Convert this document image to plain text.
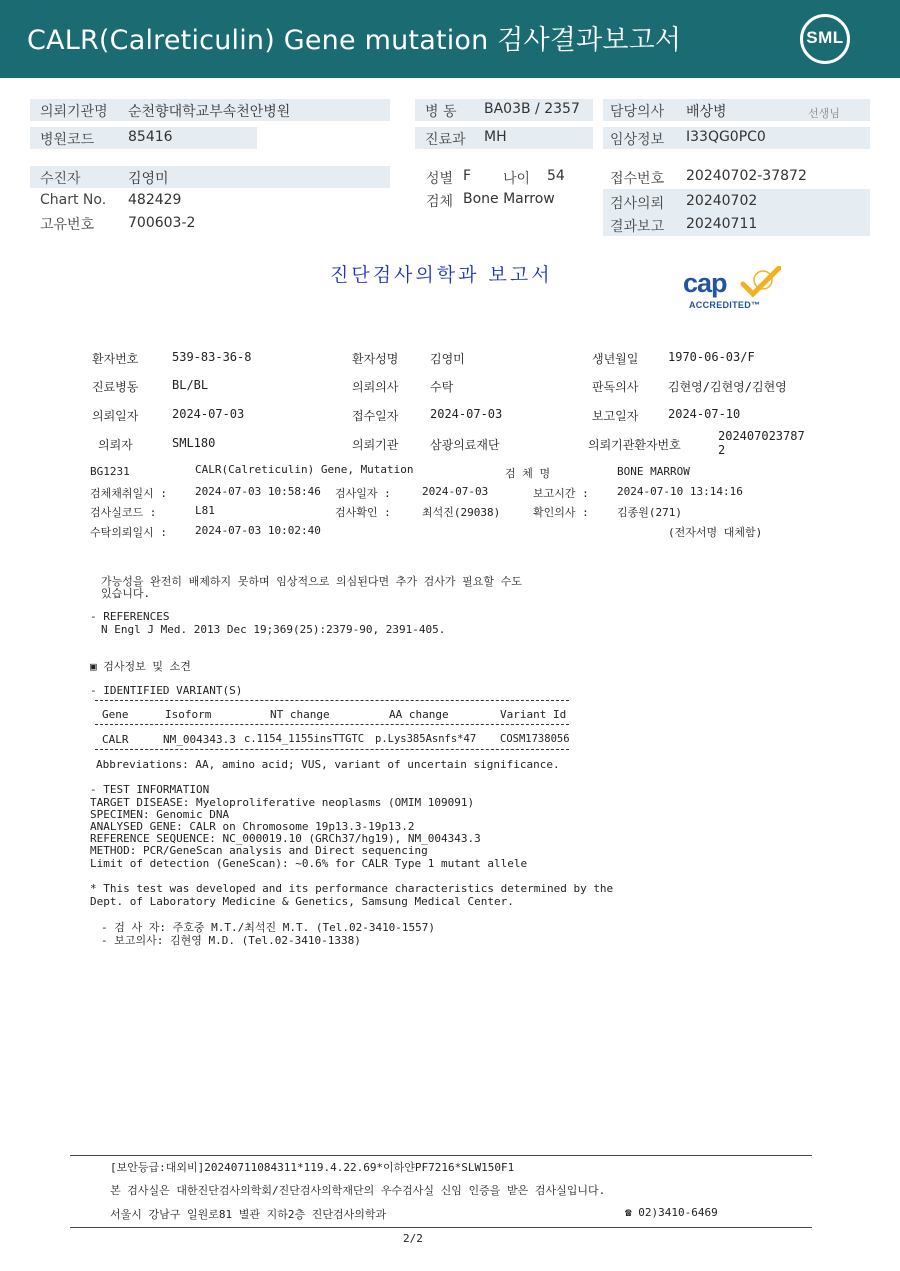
CALR(Calreticulin) Gene mutation 검사결과보고서	SML
의뢰기관명 순천향대학교부속천안병원
병원코드 85416
병 동 BA03B / 2357
진료과 MH
담당의사 배상병	선생님
임상정보 I33QG0PC0
수진자	김영미
Chart No. 482429
고유번호 700603-2
성별 F 나이 54
검체 Bone Marrow
접수번호 20240702-37872
검사의뢰 20240702
결과보고 20240711
진단검사의학과 보고서	cap
ACCREDITED™
환자번호	539-83-36-8	환자성명	김영미	생년월일 1970-06-03/F
진료병동	BL/BL	의뢰의사	수탁	판독의사 김현영/김현영/김현영
의뢰일자	2024-07-03	접수일자	2024-07-03	보고일자 2024-07-10
의뢰자	SML180	의뢰기관	삼광의료재단	의뢰기관환자번호
202407023787
2
BG1231	CALR(Calreticulin) Gene, Mutation	검 체 명	BONE MARROW
검체채취일시 :	2024-07-03 10:58:46 검사일자 :	2024-07-03	보고시간 :	2024-07-10 13:14:16
검사실코드 :	L81	검사확인 :	최석진(29038)	확인의사 :	김종원(271)
수탁의뢰일시 :	2024-07-03 10:02:40	(전자서명 대체함)
가능성을 완전히 배제하지 못하며 임상적으로 의심된다면 추가 검사가 필요할 수도
있습니다.
- REFERENCES
N Engl J Med. 2013 Dec 19;369(25):2379-90, 2391-405.
▣ 검사정보 및 소견
- IDENTIFIED VARIANT(S)
Gene	Isoform	NT change	AA change	Variant Id
CALR	NM_004343.3 c.1154_1155insTTGTC p.Lys385Asnfs*47 COSM1738056
Abbreviations: AA, amino acid; VUS, variant of uncertain significance.
- TEST INFORMATION
TARGET DISEASE: Myeloproliferative neoplasms (OMIM 109091)
SPECIMEN: Genomic DNA
ANALYSED GENE: CALR on Chromosome 19p13.3-19p13.2
REFERENCE SEQUENCE: NC_000019.10 (GRCh37/hg19), NM_004343.3
METHOD: PCR/GeneScan analysis and Direct sequencing
Limit of detection (GeneScan): ~0.6% for CALR Type 1 mutant allele
* This test was developed and its performance characteristics determined by the
Dept. of Laboratory Medicine & Genetics, Samsung Medical Center.
- 검 사 자: 주호중 M.T./최석진 M.T. (Tel.02-3410-1557)
- 보고의사: 김현영 M.D. (Tel.02-3410-1338)
[보안등급:대외비]20240711084311*119.4.22.69*이하얀PF7216*SLW150F1
본 검사실은 대한진단검사의학회/진단검사의학재단의 우수검사실 신임 인증을 받은 검사실입니다.
서울시 강남구 일원로81 별관 지하2층 진단검사의학과	☎ 02)3410-6469
2/2
